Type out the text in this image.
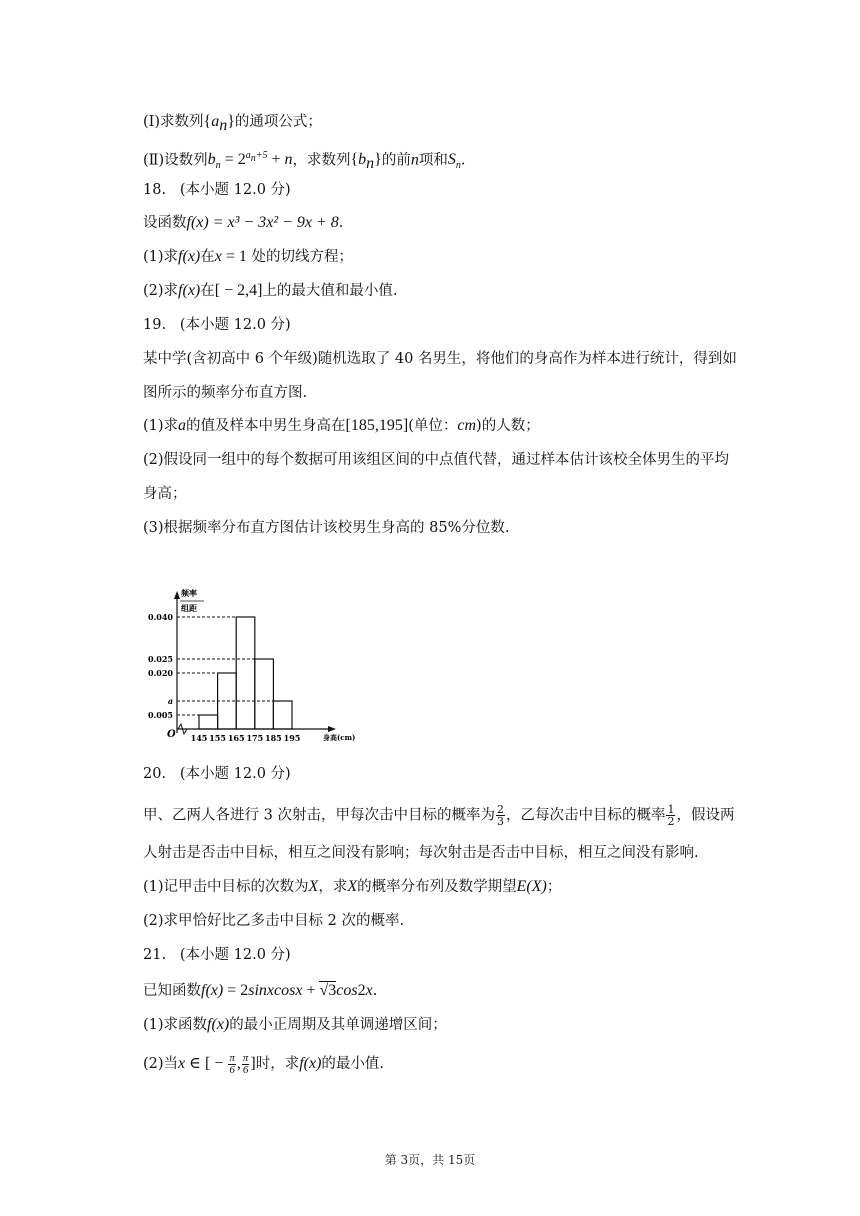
(Ⅰ)求数列$\{a_n\}$的通项公式；
(Ⅱ)设数列$b_n = 2^{a_n+5} + n$，求数列$\{b_n\}$的前n项和$S_n$.
18. (本小题 12.0 分)
设函数f(x) = x³ − 3x² − 9x + 8.
(1)求f(x)在x = 1 处的切线方程；
(2)求f(x)在[ − 2,4]上的最大值和最小值.
19. (本小题 12.0 分)
某中学(含初高中 6 个年级)随机选取了 40 名男生，将他们的身高作为样本进行统计，得到如
图所示的频率分布直方图.
(1)求a的值及样本中男生身高在[185,195](单位：cm)的人数；
(2)假设同一组中的每个数据可用该组区间的中点值代替，通过样本估计该校全体男生的平均
身高；
(3)根据频率分布直方图估计该校男生身高的 85%分位数.
0.040
0.025
0.020
a
0.005
145 155 165 175 185 195
频率
组距
O	身高(cm)
20. (本小题 12.0 分)
甲、乙两人各进行 3 次射击，甲每次击中目标的概率为 $\frac{2}{3}$ ，乙每次击中目标的概率 $\frac{1}{2}$ ，假设两
人射击是否击中目标，相互之间没有影响；每次射击是否击中目标，相互之间没有影响.
(1)记甲击中目标的次数为X，求X的概率分布列及数学期望E(X)；
(2)求甲恰好比乙多击中目标 2 次的概率.
21. (本小题 12.0 分)
已知函数f(x) = 2sinxcosx + √3cos2x.
(1)求函数f(x)的最小正周期及其单调递增区间；
(2)当x ∈ [ − $\frac{\pi}{6}$ , $\frac{\pi}{6}$ ]时，求f(x)的最小值.
第 3页，共 15页
